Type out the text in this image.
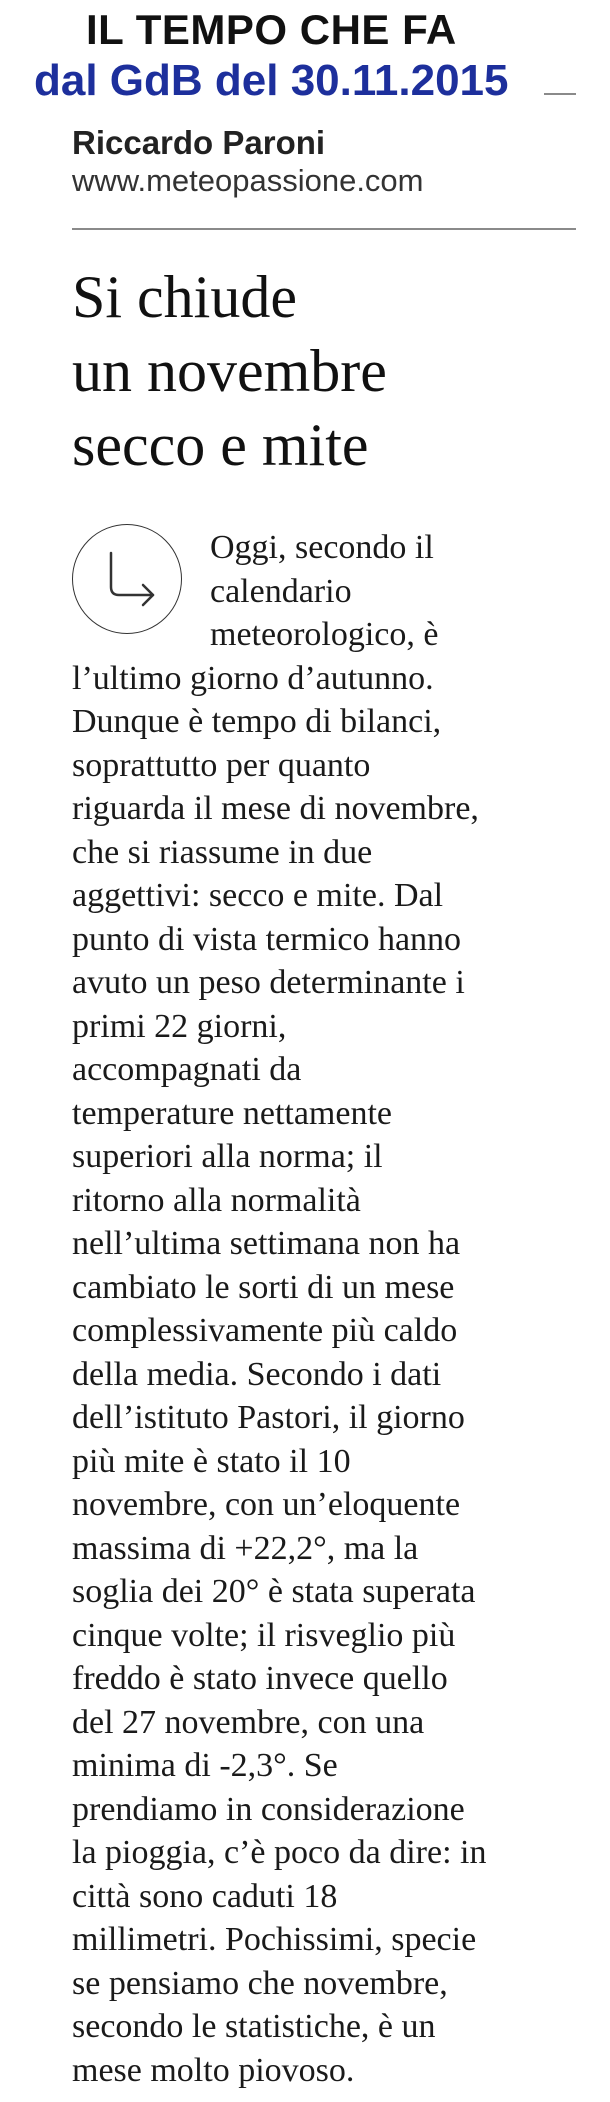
IL TEMPO CHE FA
dal GdB del 30.11.2015
Riccardo Paroni
www.meteopassione.com
Si chiude
un novembre
secco e mite
Oggi, secondo il
calendario
meteorologico, è
l’ultimo giorno d’autunno.
Dunque è tempo di bilanci,
soprattutto per quanto
riguarda il mese di novembre,
che si riassume in due
aggettivi: secco e mite. Dal
punto di vista termico hanno
avuto un peso determinante i
primi 22 giorni,
accompagnati da
temperature nettamente
superiori alla norma; il
ritorno alla normalità
nell’ultima settimana non ha
cambiato le sorti di un mese
complessivamente più caldo
della media. Secondo i dati
dell’istituto Pastori, il giorno
più mite è stato il 10
novembre, con un’eloquente
massima di +22,2°, ma la
soglia dei 20° è stata superata
cinque volte; il risveglio più
freddo è stato invece quello
del 27 novembre, con una
minima di -2,3°. Se
prendiamo in considerazione
la pioggia, c’è poco da dire: in
città sono caduti 18
millimetri. Pochissimi, specie
se pensiamo che novembre,
secondo le statistiche, è un
mese molto piovoso.
